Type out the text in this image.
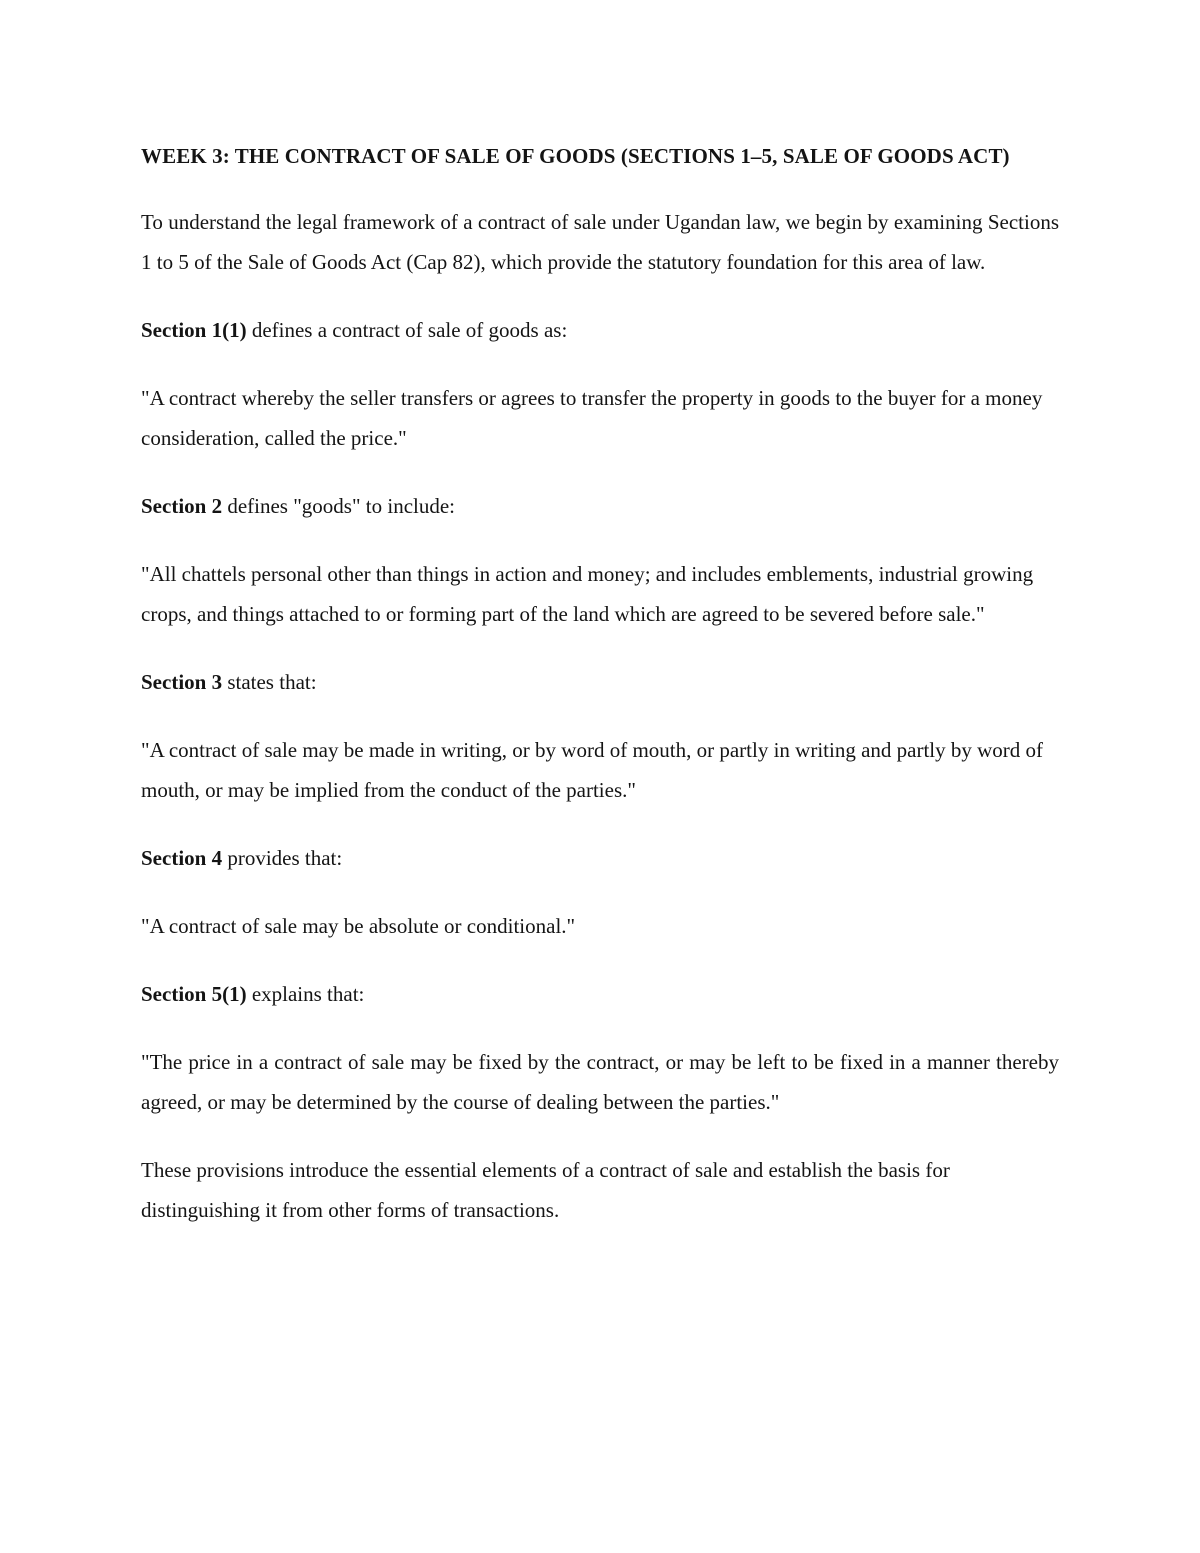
WEEK 3: THE CONTRACT OF SALE OF GOODS (SECTIONS 1–5, SALE OF GOODS ACT)

To understand the legal framework of a contract of sale under Ugandan law, we begin by examining Sections 1 to 5 of the Sale of Goods Act (Cap 82), which provide the statutory foundation for this area of law.

Section 1(1) defines a contract of sale of goods as:

"A contract whereby the seller transfers or agrees to transfer the property in goods to the buyer for a money consideration, called the price."

Section 2 defines "goods" to include:

"All chattels personal other than things in action and money; and includes emblements, industrial growing crops, and things attached to or forming part of the land which are agreed to be severed before sale."

Section 3 states that:

"A contract of sale may be made in writing, or by word of mouth, or partly in writing and partly by word of mouth, or may be implied from the conduct of the parties."

Section 4 provides that:

"A contract of sale may be absolute or conditional."

Section 5(1) explains that:

"The price in a contract of sale may be fixed by the contract, or may be left to be fixed in a manner thereby agreed, or may be determined by the course of dealing between the parties."

These provisions introduce the essential elements of a contract of sale and establish the basis for distinguishing it from other forms of transactions.
